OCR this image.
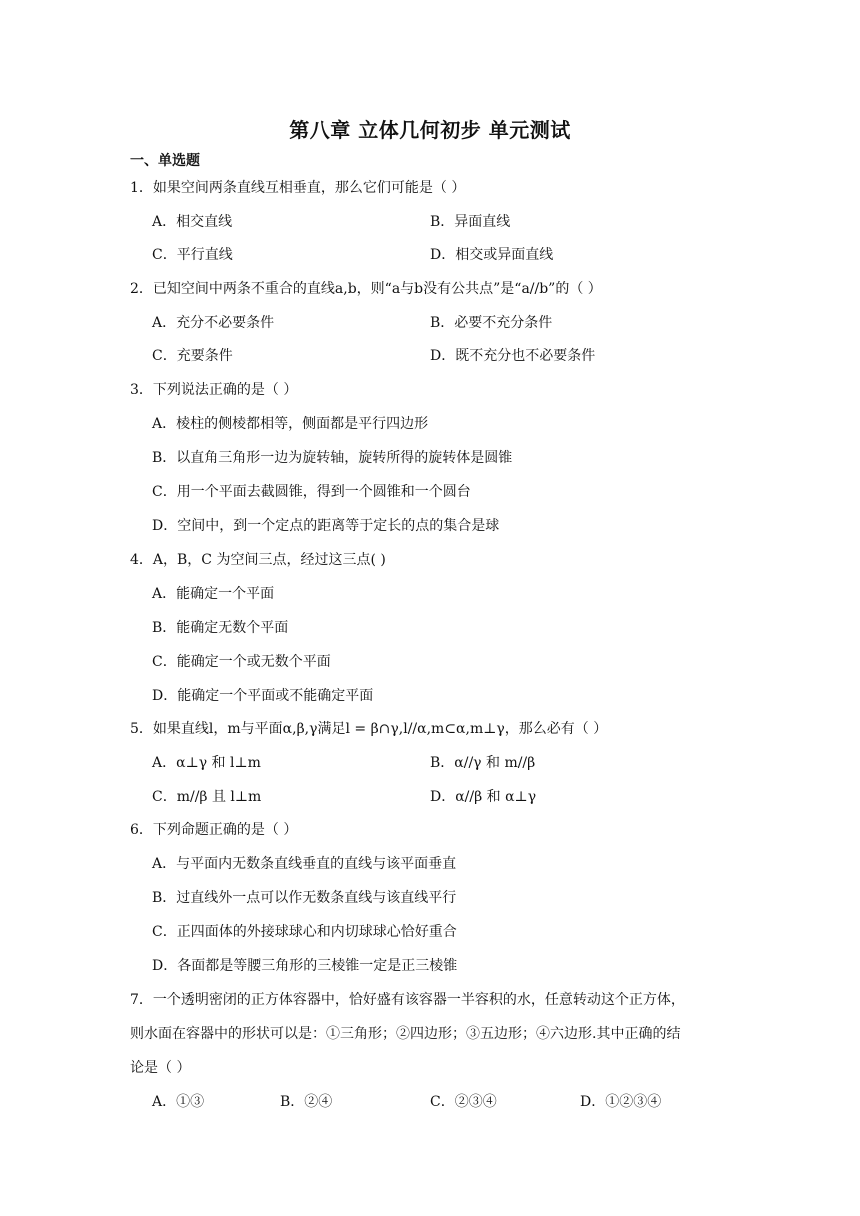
第八章 立体几何初步 单元测试
一、单选题
1．如果空间两条直线互相垂直，那么它们可能是（ ）
A．相交直线	B．异面直线
C．平行直线	D．相交或异面直线
2．已知空间中两条不重合的直线a,b，则“a与b没有公共点”是“a//b”的（ ）
A．充分不必要条件	B．必要不充分条件
C．充要条件	D．既不充分也不必要条件
3．下列说法正确的是（ ）
A．棱柱的侧棱都相等，侧面都是平行四边形
B．以直角三角形一边为旋转轴，旋转所得的旋转体是圆锥
C．用一个平面去截圆锥，得到一个圆锥和一个圆台
D．空间中，到一个定点的距离等于定长的点的集合是球
4．A，B，C 为空间三点，经过这三点( )
A．能确定一个平面
B．能确定无数个平面
C．能确定一个或无数个平面
D．能确定一个平面或不能确定平面
5．如果直线l，m与平面α,β,γ满足l = β∩γ,l//α,m⊂α,m⊥γ，那么必有（ ）
A．α⊥γ 和 l⊥m	B．α//γ 和 m//β
C．m//β 且 l⊥m	D．α//β 和 α⊥γ
6．下列命题正确的是（ ）
A．与平面内无数条直线垂直的直线与该平面垂直
B．过直线外一点可以作无数条直线与该直线平行
C．正四面体的外接球球心和内切球球心恰好重合
D．各面都是等腰三角形的三棱锥一定是正三棱锥
7．一个透明密闭的正方体容器中，恰好盛有该容器一半容积的水，任意转动这个正方体，
则水面在容器中的形状可以是：①三角形；②四边形；③五边形；④六边形.其中正确的结
论是（ ）
A．①③	B．②④	C．②③④	D．①②③④
